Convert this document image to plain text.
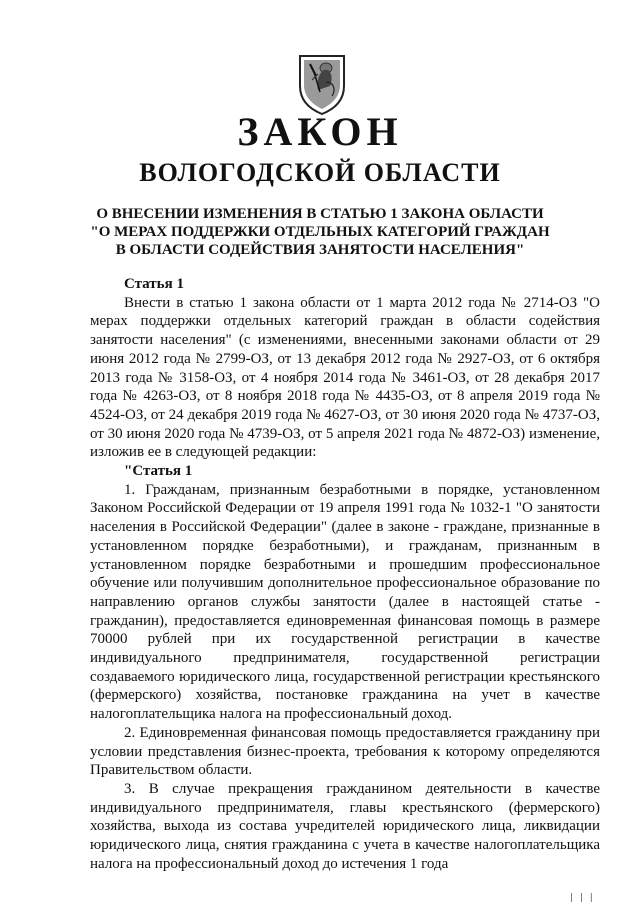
ЗАКОН
ВОЛОГОДСКОЙ ОБЛАСТИ
О ВНЕСЕНИИ ИЗМЕНЕНИЯ В СТАТЬЮ 1 ЗАКОНА ОБЛАСТИ
"О МЕРАХ ПОДДЕРЖКИ ОТДЕЛЬНЫХ КАТЕГОРИЙ ГРАЖДАН
В ОБЛАСТИ СОДЕЙСТВИЯ ЗАНЯТОСТИ НАСЕЛЕНИЯ"
Статья 1
Внести в статью 1 закона области от 1 марта 2012 года № 2714-ОЗ "О мерах поддержки отдельных категорий граждан в области содействия занятости населения" (с изменениями, внесенными законами области от 29 июня 2012 года № 2799-ОЗ, от 13 декабря 2012 года № 2927-ОЗ, от 6 октября 2013 года № 3158-ОЗ, от 4 ноября 2014 года № 3461-ОЗ, от 28 декабря 2017 года № 4263-ОЗ, от 8 ноября 2018 года № 4435-ОЗ, от 8 апреля 2019 года № 4524-ОЗ, от 24 декабря 2019 года № 4627-ОЗ, от 30 июня 2020 года № 4737-ОЗ, от 30 июня 2020 года № 4739-ОЗ, от 5 апреля 2021 года № 4872-ОЗ) изменение, изложив ее в следующей редакции:
"Статья 1
1. Гражданам, признанным безработными в порядке, установленном Законом Российской Федерации от 19 апреля 1991 года № 1032-1 "О занятости населения в Российской Федерации" (далее в законе - граждане, признанные в установленном порядке безработными), и гражданам, признанным в установленном порядке безработными и прошедшим профессиональное обучение или получившим дополнительное профессиональное образование по направлению органов службы занятости (далее в настоящей статье - гражданин), предоставляется единовременная финансовая помощь в размере 70000 рублей при их государственной регистрации в качестве индивидуального предпринимателя, государственной регистрации создаваемого юридического лица, государственной регистрации крестьянского (фермерского) хозяйства, постановке гражданина на учет в качестве налогоплательщика налога на профессиональный доход.
2. Единовременная финансовая помощь предоставляется гражданину при условии представления бизнес-проекта, требования к которому определяются Правительством области.
3. В случае прекращения гражданином деятельности в качестве индивидуального предпринимателя, главы крестьянского (фермерского) хозяйства, выхода из состава учредителей юридического лица, ликвидации юридического лица, снятия гражданина с учета в качестве налогоплательщика налога на профессиональный доход до истечения 1 года
| | |
